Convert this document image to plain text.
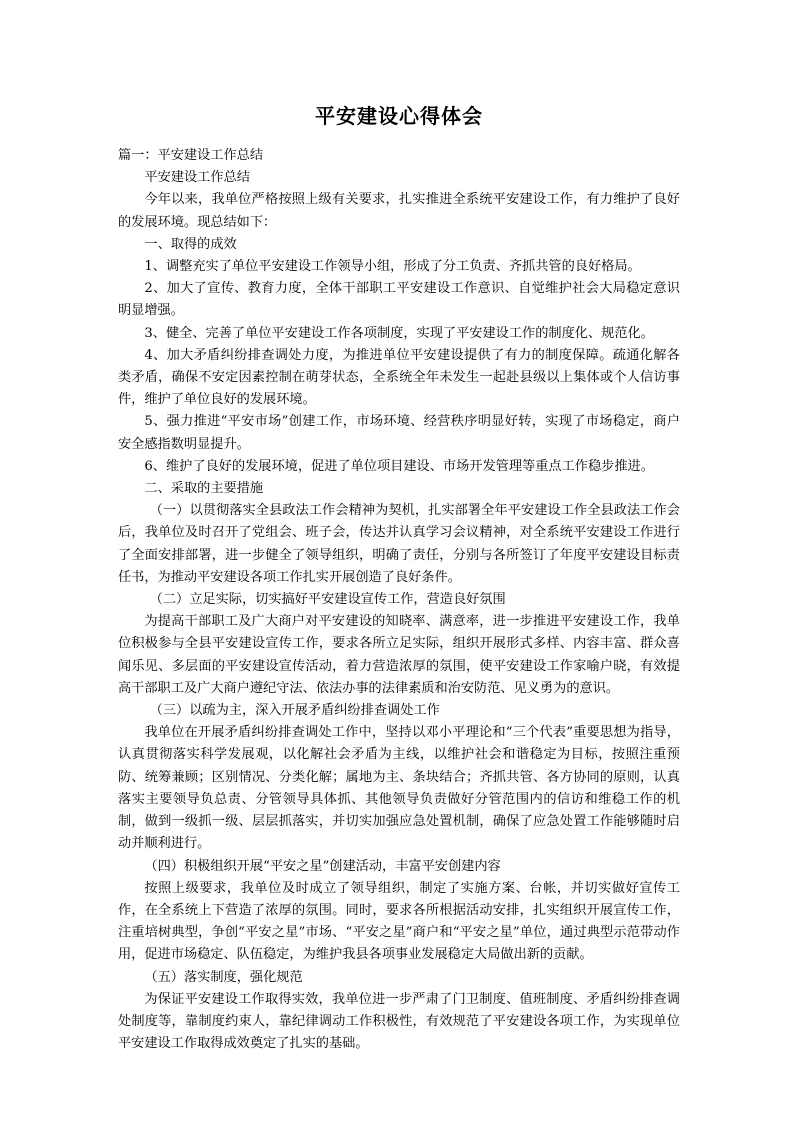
平安建设心得体会

篇一：平安建设工作总结

平安建设工作总结

今年以来，我单位严格按照上级有关要求，扎实推进全系统平安建设工作，有力维护了良好的发展环境。现总结如下：

一、取得的成效

1、调整充实了单位平安建设工作领导小组，形成了分工负责、齐抓共管的良好格局。

2、加大了宣传、教育力度，全体干部职工平安建设工作意识、自觉维护社会大局稳定意识明显增强。

3、健全、完善了单位平安建设工作各项制度，实现了平安建设工作的制度化、规范化。

4、加大矛盾纠纷排查调处力度，为推进单位平安建设提供了有力的制度保障。疏通化解各类矛盾，确保不安定因素控制在萌芽状态，全系统全年未发生一起赴县级以上集体或个人信访事件，维护了单位良好的发展环境。

5、强力推进“平安市场”创建工作，市场环境、经营秩序明显好转，实现了市场稳定，商户安全感指数明显提升。

6、维护了良好的发展环境，促进了单位项目建设、市场开发管理等重点工作稳步推进。

二、采取的主要措施

（一）以贯彻落实全县政法工作会精神为契机，扎实部署全年平安建设工作全县政法工作会后，我单位及时召开了党组会、班子会，传达并认真学习会议精神，对全系统平安建设工作进行了全面安排部署，进一步健全了领导组织，明确了责任，分别与各所签订了年度平安建设目标责任书，为推动平安建设各项工作扎实开展创造了良好条件。

（二）立足实际，切实搞好平安建设宣传工作，营造良好氛围

为提高干部职工及广大商户对平安建设的知晓率、满意率，进一步推进平安建设工作，我单位积极参与全县平安建设宣传工作，要求各所立足实际，组织开展形式多样、内容丰富、群众喜闻乐见、多层面的平安建设宣传活动，着力营造浓厚的氛围，使平安建设工作家喻户晓，有效提高干部职工及广大商户遵纪守法、依法办事的法律素质和治安防范、见义勇为的意识。

（三）以疏为主，深入开展矛盾纠纷排查调处工作

我单位在开展矛盾纠纷排查调处工作中，坚持以邓小平理论和“三个代表”重要思想为指导，认真贯彻落实科学发展观，以化解社会矛盾为主线，以维护社会和谐稳定为目标，按照注重预防、统筹兼顾；区别情况、分类化解；属地为主、条块结合；齐抓共管、各方协同的原则，认真落实主要领导负总责、分管领导具体抓、其他领导负责做好分管范围内的信访和维稳工作的机制，做到一级抓一级、层层抓落实，并切实加强应急处置机制，确保了应急处置工作能够随时启动并顺利进行。

（四）积极组织开展“平安之星”创建活动，丰富平安创建内容

按照上级要求，我单位及时成立了领导组织，制定了实施方案、台帐，并切实做好宣传工作，在全系统上下营造了浓厚的氛围。同时，要求各所根据活动安排，扎实组织开展宣传工作，注重培树典型，争创“平安之星”市场、“平安之星”商户和“平安之星”单位，通过典型示范带动作用，促进市场稳定、队伍稳定，为维护我县各项事业发展稳定大局做出新的贡献。

（五）落实制度，强化规范

为保证平安建设工作取得实效，我单位进一步严肃了门卫制度、值班制度、矛盾纠纷排查调处制度等，靠制度约束人，靠纪律调动工作积极性，有效规范了平安建设各项工作，为实现单位平安建设工作取得成效奠定了扎实的基础。
